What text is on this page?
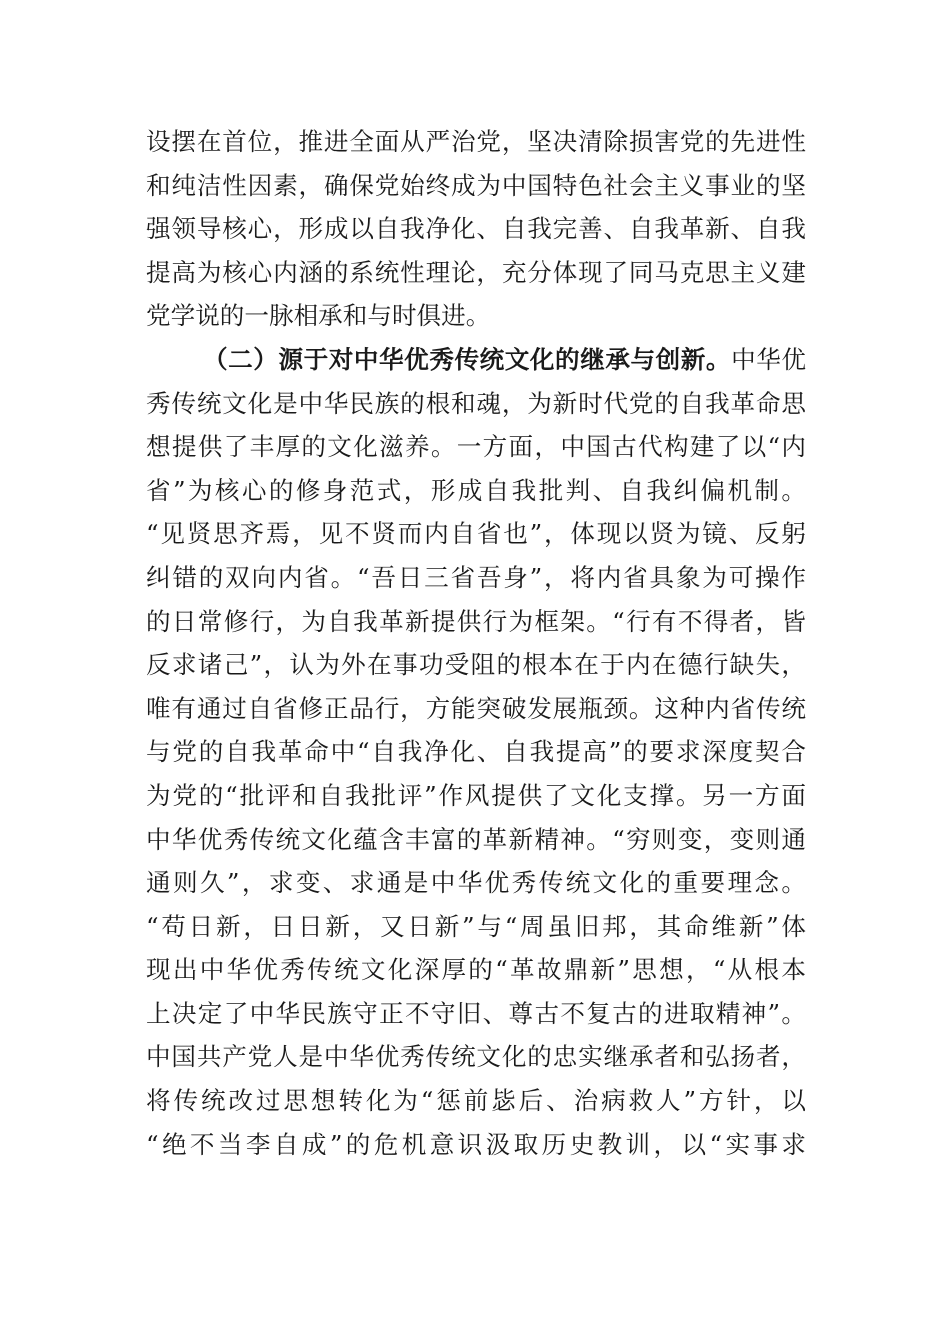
设摆在首位，推进全面从严治党，坚决清除损害党的先进性
和纯洁性因素，确保党始终成为中国特色社会主义事业的坚
强领导核心，形成以自我净化、自我完善、自我革新、自我
提高为核心内涵的系统性理论，充分体现了同马克思主义建
党学说的一脉相承和与时俱进。
（二）源于对中华优秀传统文化的继承与创新。中华优
秀传统文化是中华民族的根和魂，为新时代党的自我革命思
想提供了丰厚的文化滋养。一方面，中国古代构建了以“内
省”为核心的修身范式，形成自我批判、自我纠偏机制。
“见贤思齐焉，见不贤而内自省也”，体现以贤为镜、反躬
纠错的双向内省。“吾日三省吾身”，将内省具象为可操作
的日常修行，为自我革新提供行为框架。“行有不得者，皆
反求诸己”，认为外在事功受阻的根本在于内在德行缺失，
唯有通过自省修正品行，方能突破发展瓶颈。这种内省传统
与党的自我革命中“自我净化、自我提高”的要求深度契合
为党的“批评和自我批评”作风提供了文化支撑。另一方面
中华优秀传统文化蕴含丰富的革新精神。“穷则变，变则通
通则久”，求变、求通是中华优秀传统文化的重要理念。
“苟日新，日日新，又日新”与“周虽旧邦，其命维新”体
现出中华优秀传统文化深厚的“革故鼎新”思想，“从根本
上决定了中华民族守正不守旧、尊古不复古的进取精神”。
中国共产党人是中华优秀传统文化的忠实继承者和弘扬者，
将传统改过思想转化为“惩前毖后、治病救人”方针，以
“绝不当李自成”的危机意识汲取历史教训，以“实事求
